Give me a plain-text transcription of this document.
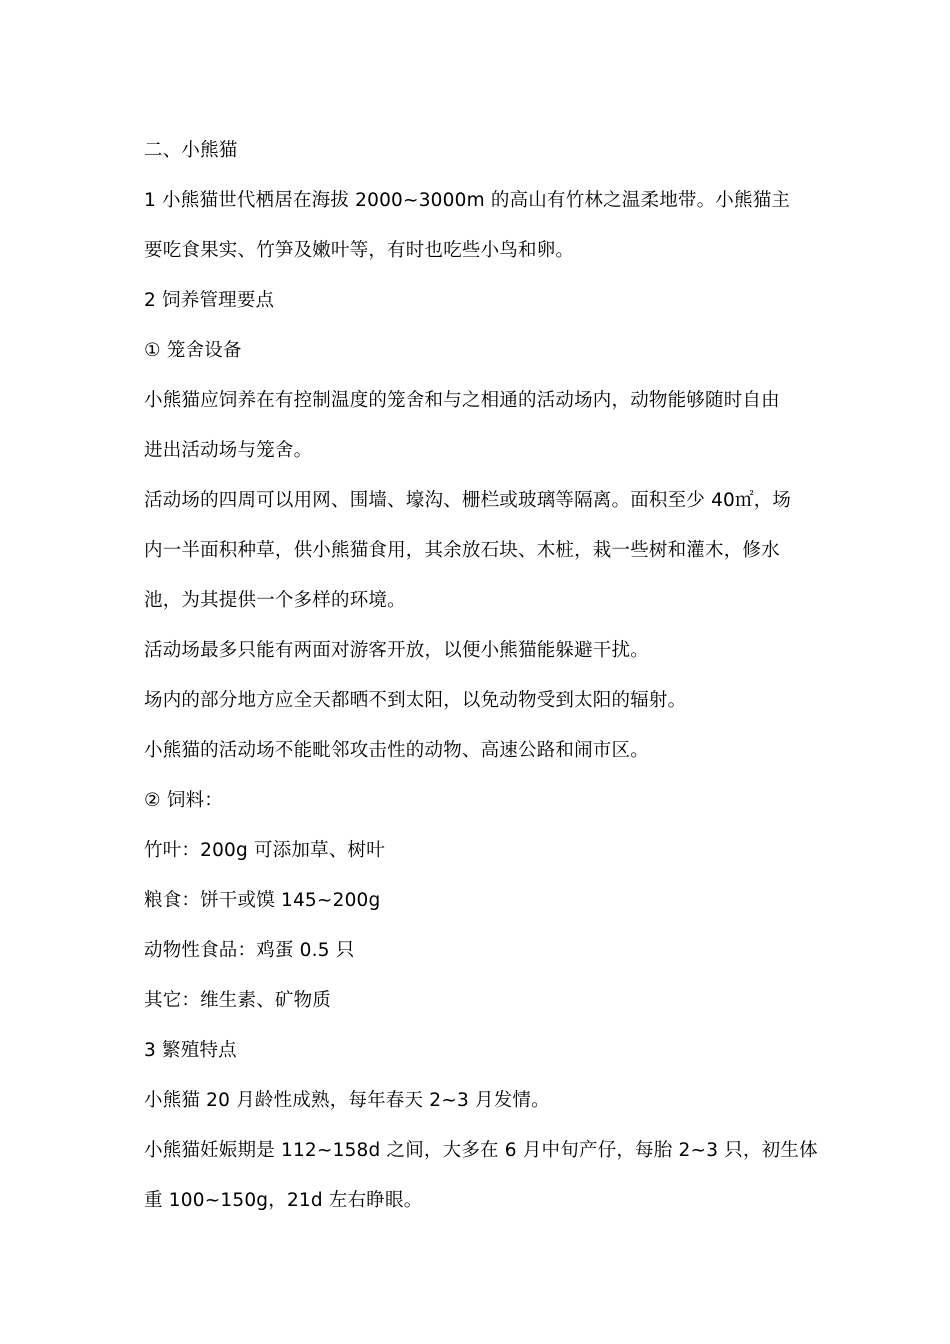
二、小熊猫
1 小熊猫世代栖居在海拔 2000~3000m 的高山有竹林之温柔地带。小熊猫主
要吃食果实、竹笋及嫩叶等，有时也吃些小鸟和卵。
2 饲养管理要点
① 笼舍设备
小熊猫应饲养在有控制温度的笼舍和与之相通的活动场内，动物能够随时自由
进出活动场与笼舍。
活动场的四周可以用网、围墙、壕沟、栅栏或玻璃等隔离。面积至少 40㎡，场
内一半面积种草，供小熊猫食用，其余放石块、木桩，栽一些树和灌木，修水
池，为其提供一个多样的环境。
活动场最多只能有两面对游客开放，以便小熊猫能躲避干扰。
场内的部分地方应全天都晒不到太阳，以免动物受到太阳的辐射。
小熊猫的活动场不能毗邻攻击性的动物、高速公路和闹市区。
② 饲料：
竹叶：200g 可添加草、树叶
粮食：饼干或馍 145~200g
动物性食品：鸡蛋 0.5 只
其它：维生素、矿物质
3 繁殖特点
小熊猫 20 月龄性成熟，每年春天 2~3 月发情。
小熊猫妊娠期是 112~158d 之间，大多在 6 月中旬产仔，每胎 2~3 只，初生体
重 100~150g，21d 左右睁眼。
